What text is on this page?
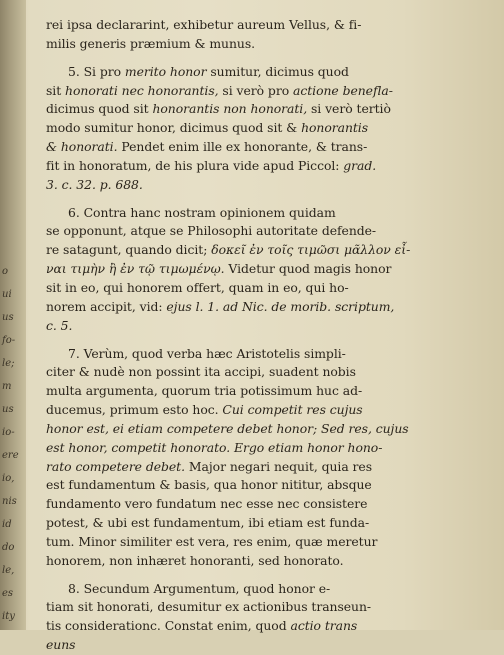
o
ui
us
fo-
le;
m
us
io-
ere
io,
nis
id
do
le,
es
ity
rei ipsa declararint, exhibetur aureum Vellus, & fi-
milis generis præmium & munus.
5. Si pro merito honor sumitur, dicimus quod
sit honorati nec honorantis, si verò pro actione benefla-
dicimus quod sit honorantis non honorati, si verò tertiò
modo sumitur honor, dicimus quod sit & honorantis
& honorati. Pendet enim ille ex honorante, & trans-
fit in honoratum, de his plura vide apud Piccol: grad.
3. c. 32. p. 688.
6. Contra hanc nostram opinionem quidam
se opponunt, atque se Philosophi autoritate defende-
re satagunt, quando dicit; δοκεῖ ἐν τοῖς τιμῶσι μᾶλλον εἶ-
ναι τιμὴν ἢ ἐν τῷ τιμωμένῳ. Videtur quod magis honor
sit in eo, qui honorem offert, quam in eo, qui ho-
norem accipit, vid: ejus l. 1. ad Nic. de morib. scriptum,
c. 5.
7. Verùm, quod verba hæc Aristotelis simpli-
citer & nudè non possint ita accipi, suadent nobis
multa argumenta, quorum tria potissimum huc ad-
ducemus, primum esto hoc. Cui competit res cujus
honor est, ei etiam competere debet honor; Sed res, cujus
est honor, competit honorato. Ergo etiam honor hono-
rato competere debet. Major negari nequit, quia res
est fundamentum & basis, qua honor nititur, absque
fundamento vero fundatum nec esse nec consistere
potest, & ubi est fundamentum, ibi etiam est funda-
tum. Minor similiter est vera, res enim, quæ meretur
honorem, non inhæret honoranti, sed honorato.
8. Secundum Argumentum, quod honor e-
tiam sit honorati, desumitur ex actionibus transeun-
tis considerationc. Constat enim, quod actio trans
euns
